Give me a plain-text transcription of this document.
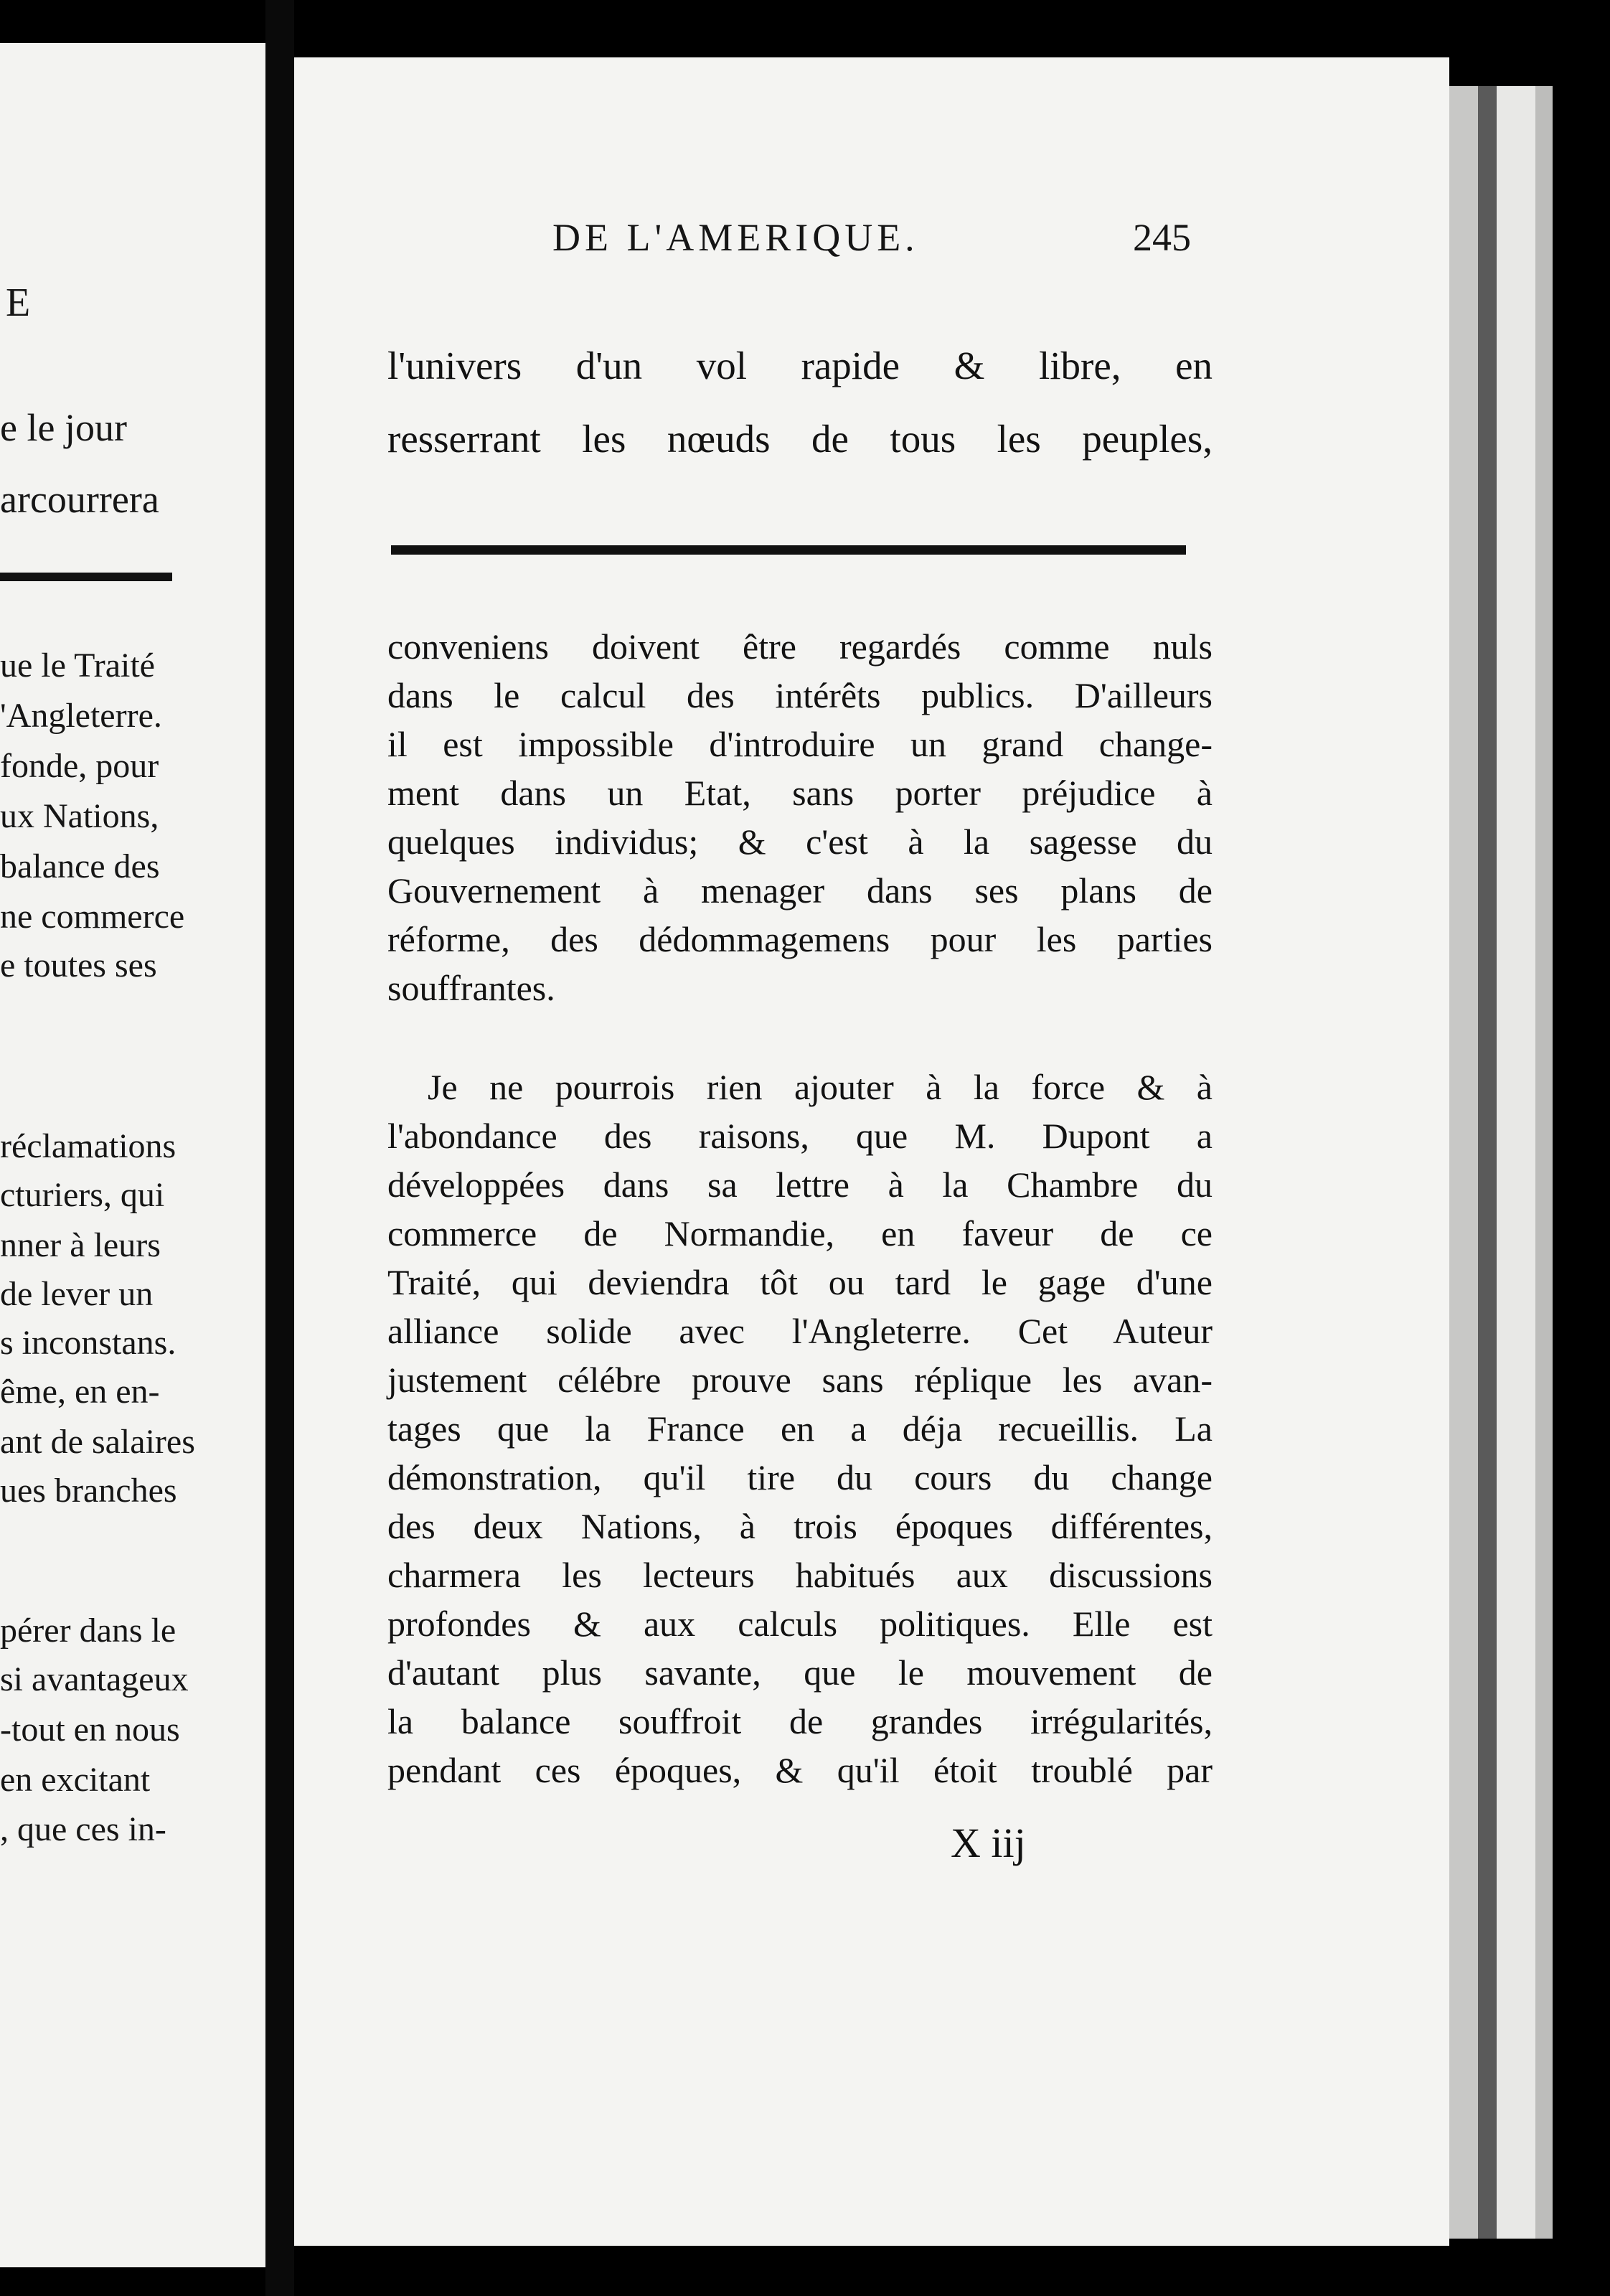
E
e le jour
arcourrera
ue le Traité
'Angleterre.
fonde, pour
ux Nations,
balance des
ne commerce
e toutes ses
réclamations
cturiers, qui
nner à leurs
de lever un
s inconstans.
ême, en en-
ant de salaires
ues branches
pérer dans le
si avantageux
-tout en nous
en excitant
, que ces in-
DE L'AMERIQUE.	245
l'univers d'un vol rapide & libre, en
resserrant les nœuds de tous les peuples,
conveniens doivent être regardés comme nuls
dans le calcul des intérêts publics. D'ailleurs
il est impossible d'introduire un grand change-
ment dans un Etat, sans porter préjudice à
quelques individus; & c'est à la sagesse du
Gouvernement à menager dans ses plans de
réforme, des dédommagemens pour les parties
souffrantes.
Je ne pourrois rien ajouter à la force & à
l'abondance des raisons, que M. Dupont a
développées dans sa lettre à la Chambre du
commerce de Normandie, en faveur de ce
Traité, qui deviendra tôt ou tard le gage d'une
alliance solide avec l'Angleterre. Cet Auteur
justement célébre prouve sans réplique les avan-
tages que la France en a déja recueillis. La
démonstration, qu'il tire du cours du change
des deux Nations, à trois époques différentes,
charmera les lecteurs habitués aux discussions
profondes & aux calculs politiques. Elle est
d'autant plus savante, que le mouvement de
la balance souffroit de grandes irrégularités,
pendant ces époques, & qu'il étoit troublé par
X iij
